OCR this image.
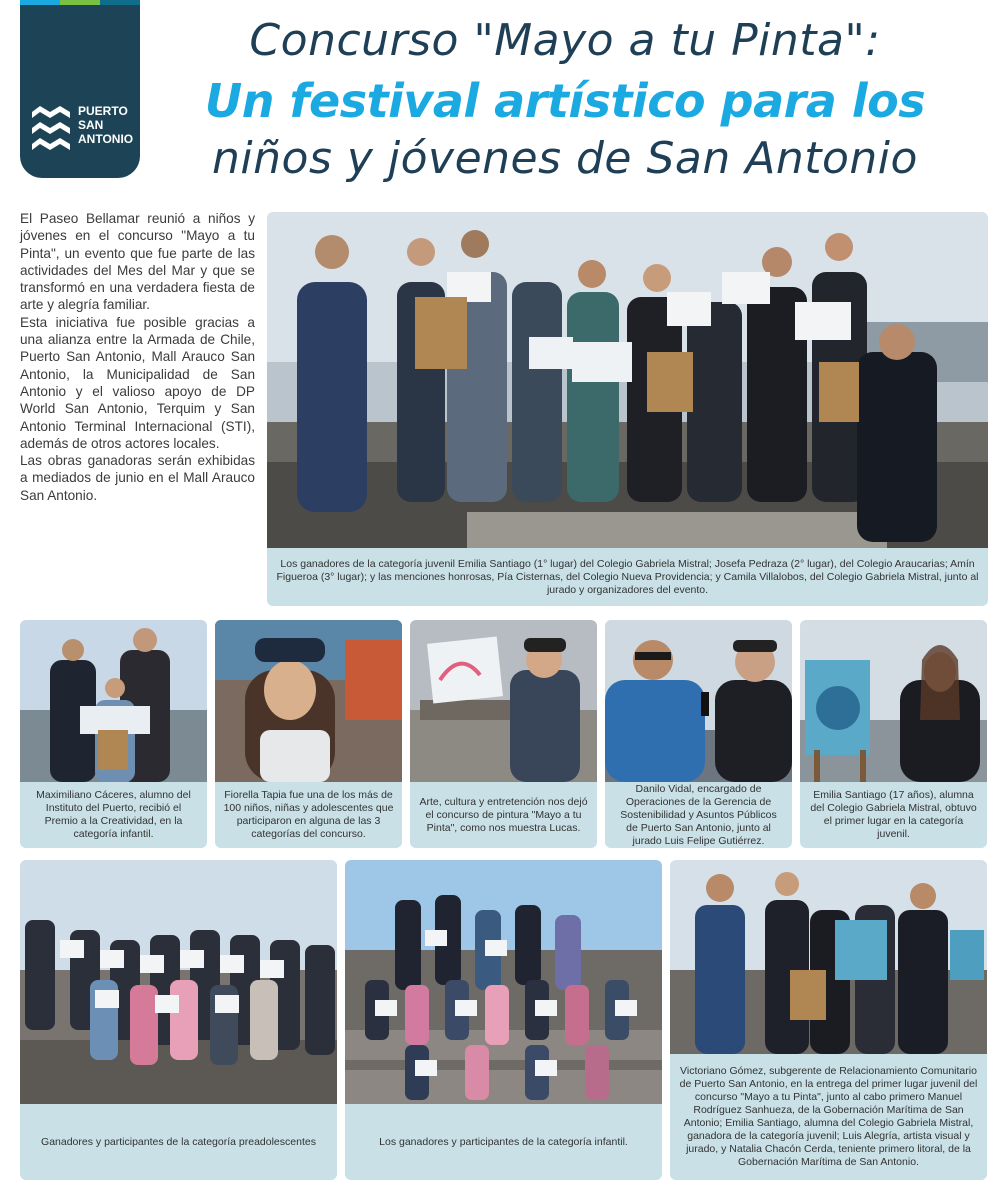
PUERTO
SAN
ANTONIO
Concurso "Mayo a tu Pinta":
Un festival artístico para los
niños y jóvenes de San Antonio

El Paseo Bellamar reunió a niños y jóvenes en el concurso "Mayo a tu Pinta", un evento que fue parte de las actividades del Mes del Mar y que se transformó en una verdadera fiesta de arte y alegría familiar.

Esta iniciativa fue posible gracias a una alianza entre la Armada de Chile, Puerto San Antonio, Mall Arauco San Antonio, la Municipalidad de San Antonio y el valioso apoyo de DP World San Antonio, Terquim y San Antonio Terminal Internacional (STI), además de otros actores locales.

Las obras ganadoras serán exhibidas a mediados de junio en el Mall Arauco San Antonio.

Los ganadores de la categoría juvenil Emilia Santiago (1° lugar) del Colegio Gabriela Mistral; Josefa Pedraza (2° lugar), del Colegio Araucarias; Amín Figueroa (3° lugar); y las menciones honrosas, Pía Cisternas, del Colegio Nueva Providencia; y Camila Villalobos, del Colegio Gabriela Mistral, junto al jurado y organizadores del evento.
Maximiliano Cáceres, alumno del Instituto del Puerto, recibió el Premio a la Creatividad, en la categoría infantil.
Fiorella Tapia fue una de los más de 100 niños, niñas y adolescentes que participaron en alguna de las 3 categorías del concurso.
Arte, cultura y entretención nos dejó el concurso de pintura "Mayo a tu Pinta", como nos muestra Lucas.
Danilo Vidal, encargado de Operaciones de la Gerencia de Sostenibilidad y Asuntos Públicos de Puerto San Antonio, junto al jurado Luis Felipe Gutiérrez.
Emilia Santiago (17 años), alumna del Colegio Gabriela Mistral, obtuvo el primer lugar en la categoría juvenil.
Ganadores y participantes de la categoría preadolescentes	Los ganadores y participantes de la categoría infantil.
Victoriano Gómez, subgerente de Relacionamiento Comunitario de Puerto San Antonio, en la entrega del primer lugar juvenil del concurso "Mayo a tu Pinta", junto al cabo primero Manuel Rodríguez Sanhueza, de la Gobernación Marítima de San Antonio; Emilia Santiago, alumna del Colegio Gabriela Mistral, ganadora de la categoría juvenil; Luis Alegría, artista visual y jurado, y Natalia Chacón Cerda, teniente primero litoral, de la Gobernación Marítima de San Antonio.
